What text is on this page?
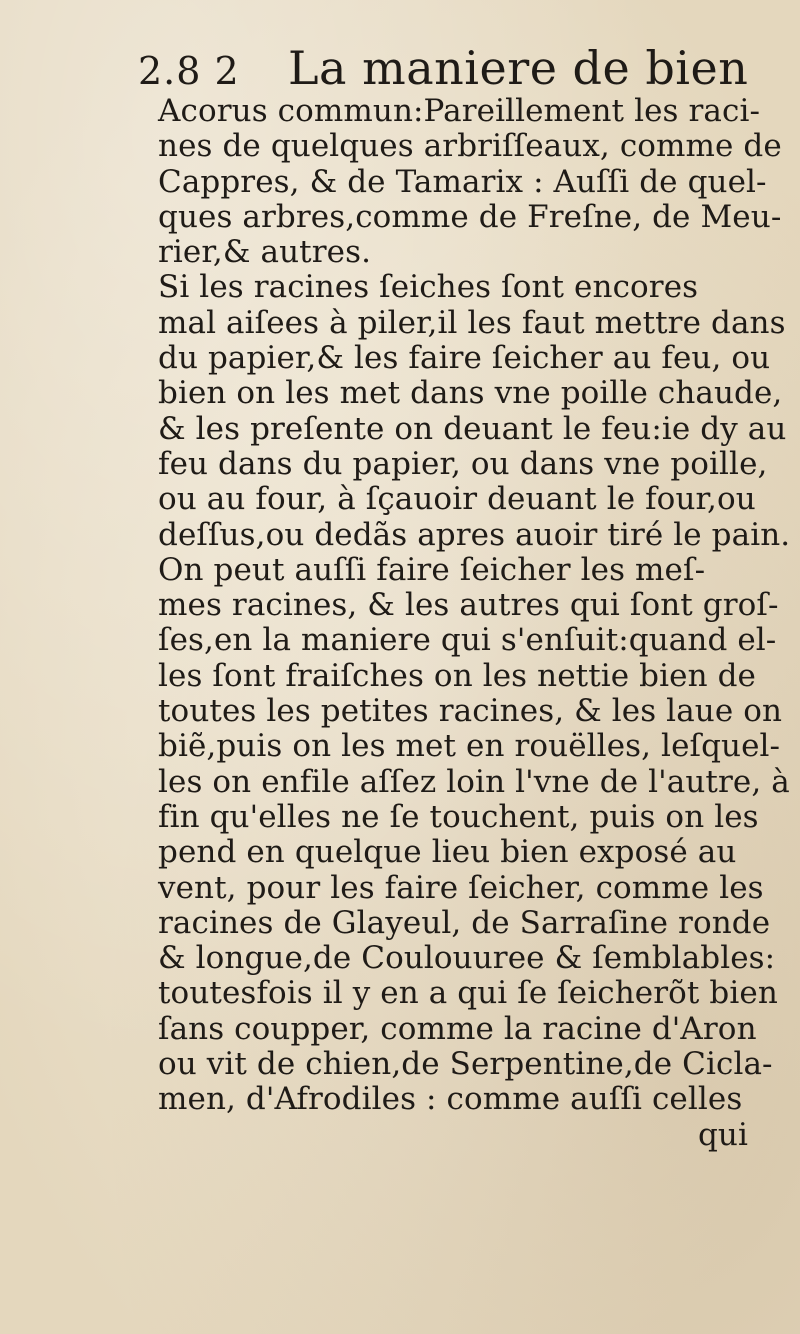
2.8 2 La maniere de bien
Acorus commun:Pareillement les raci-
nes de quelques arbriſſeaux, comme de
Cappres, & de Tamarix : Auſſi de quel-
ques arbres,comme de Freſne, de Meu-
rier,& autres.
Si les racines ſeiches ſont encores
mal aiſees à piler,il les faut mettre dans
du papier,& les faire ſeicher au feu, ou
bien on les met dans vne poille chaude,
& les preſente on deuant le feu:ie dy au
feu dans du papier, ou dans vne poille,
ou au four, à ſçauoir deuant le four,ou
deſſus,ou dedãs apres auoir tiré le pain.
On peut auſſi faire ſeicher les meſ-
mes racines, & les autres qui ſont groſ-
ſes,en la maniere qui s'enſuit:quand el-
les ſont fraiſches on les nettie bien de
toutes les petites racines, & les laue on
biẽ,puis on les met en rouëlles, leſquel-
les on enfile aſſez loin l'vne de l'autre, à
fin qu'elles ne ſe touchent, puis on les
pend en quelque lieu bien exposé au
vent, pour les faire ſeicher, comme les
racines de Glayeul, de Sarraſine ronde
& longue,de Coulouuree & ſemblables:
toutesfois il y en a qui ſe ſeicherõt bien
ſans coupper, comme la racine d'Aron
ou vit de chien,de Serpentine,de Cicla-
men, d'Afrodiles : comme auſſi celles
qui
